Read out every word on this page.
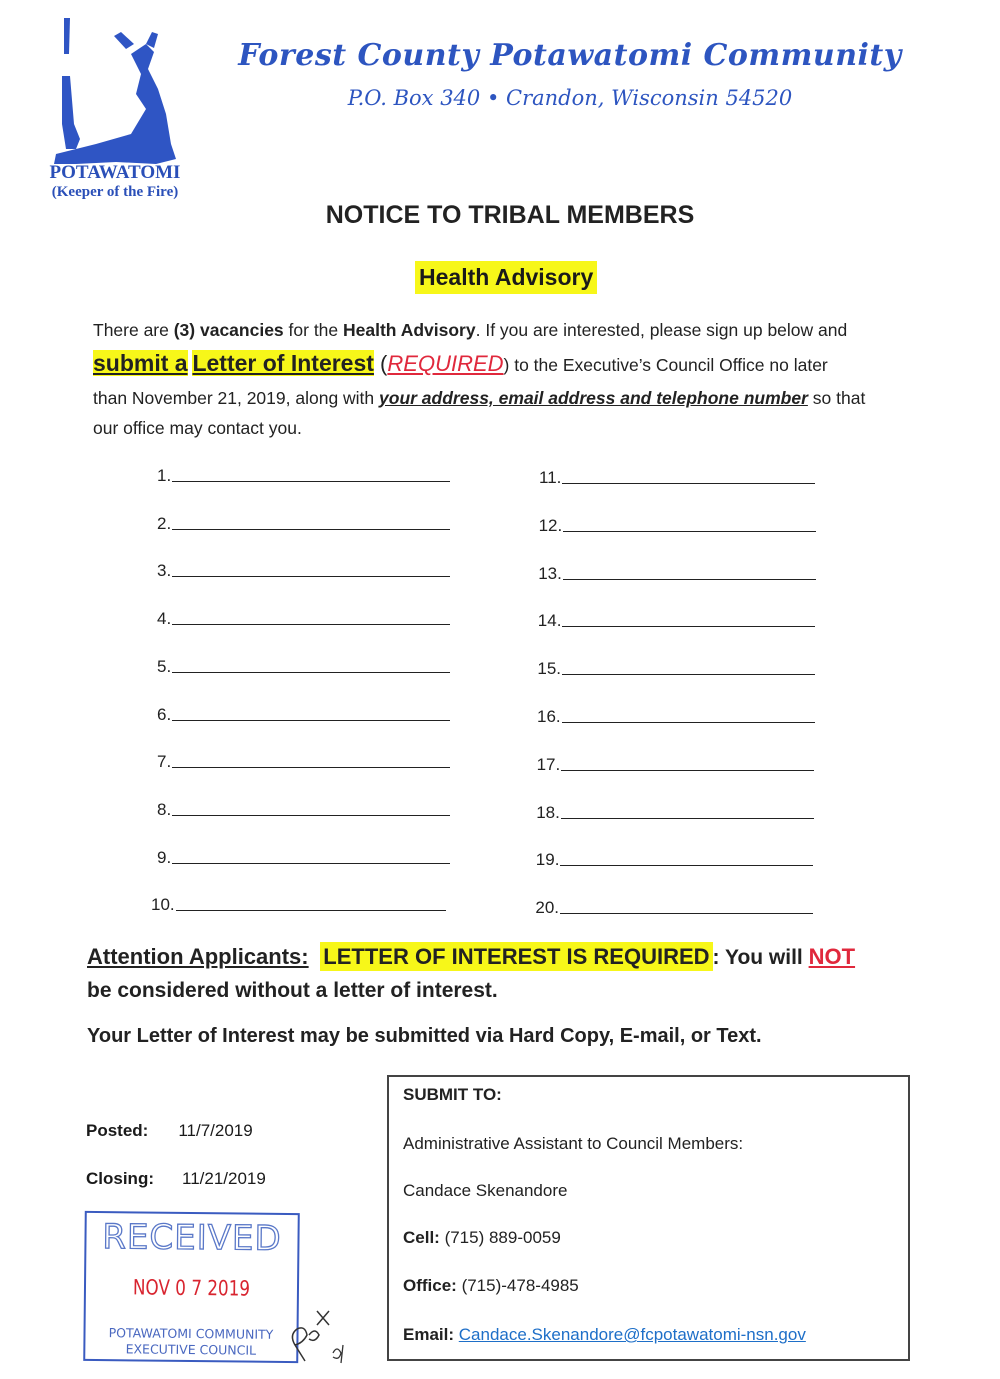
POTAWATOMI
(Keeper of the Fire)
Forest County Potawatomi Community
P.O. Box 340 • Crandon, Wisconsin 54520
NOTICE TO TRIBAL MEMBERS
Health Advisory
There are (3) vacancies for the Health Advisory. If you are interested, please sign up below and
submit a Letter of Interest (REQUIRED) to the Executive’s Council Office no later
than November 21, 2019, along with your address, email address and telephone number so that
our office may contact you.
1.
2.
3.
4.
5.
6.
7.
8.
9.
10.
11.
12.
13.
14.
15.
16.
17.
18.
19.
20.
Attention Applicants: LETTER OF INTEREST IS REQUIRED : You will NOT
be considered without a letter of interest.
Your Letter of Interest may be submitted via Hard Copy, E-mail, or Text.
Posted: 11/7/2019
Closing: 11/21/2019
RECEIVED
NOV 0 7 2019
POTAWATOMI COMMUNITY
EXECUTIVE COUNCIL
SUBMIT TO:
Administrative Assistant to Council Members:
Candace Skenandore
Cell: (715) 889-0059
Office: (715)-478-4985
Email: Candace.Skenandore@fcpotawatomi-nsn.gov
